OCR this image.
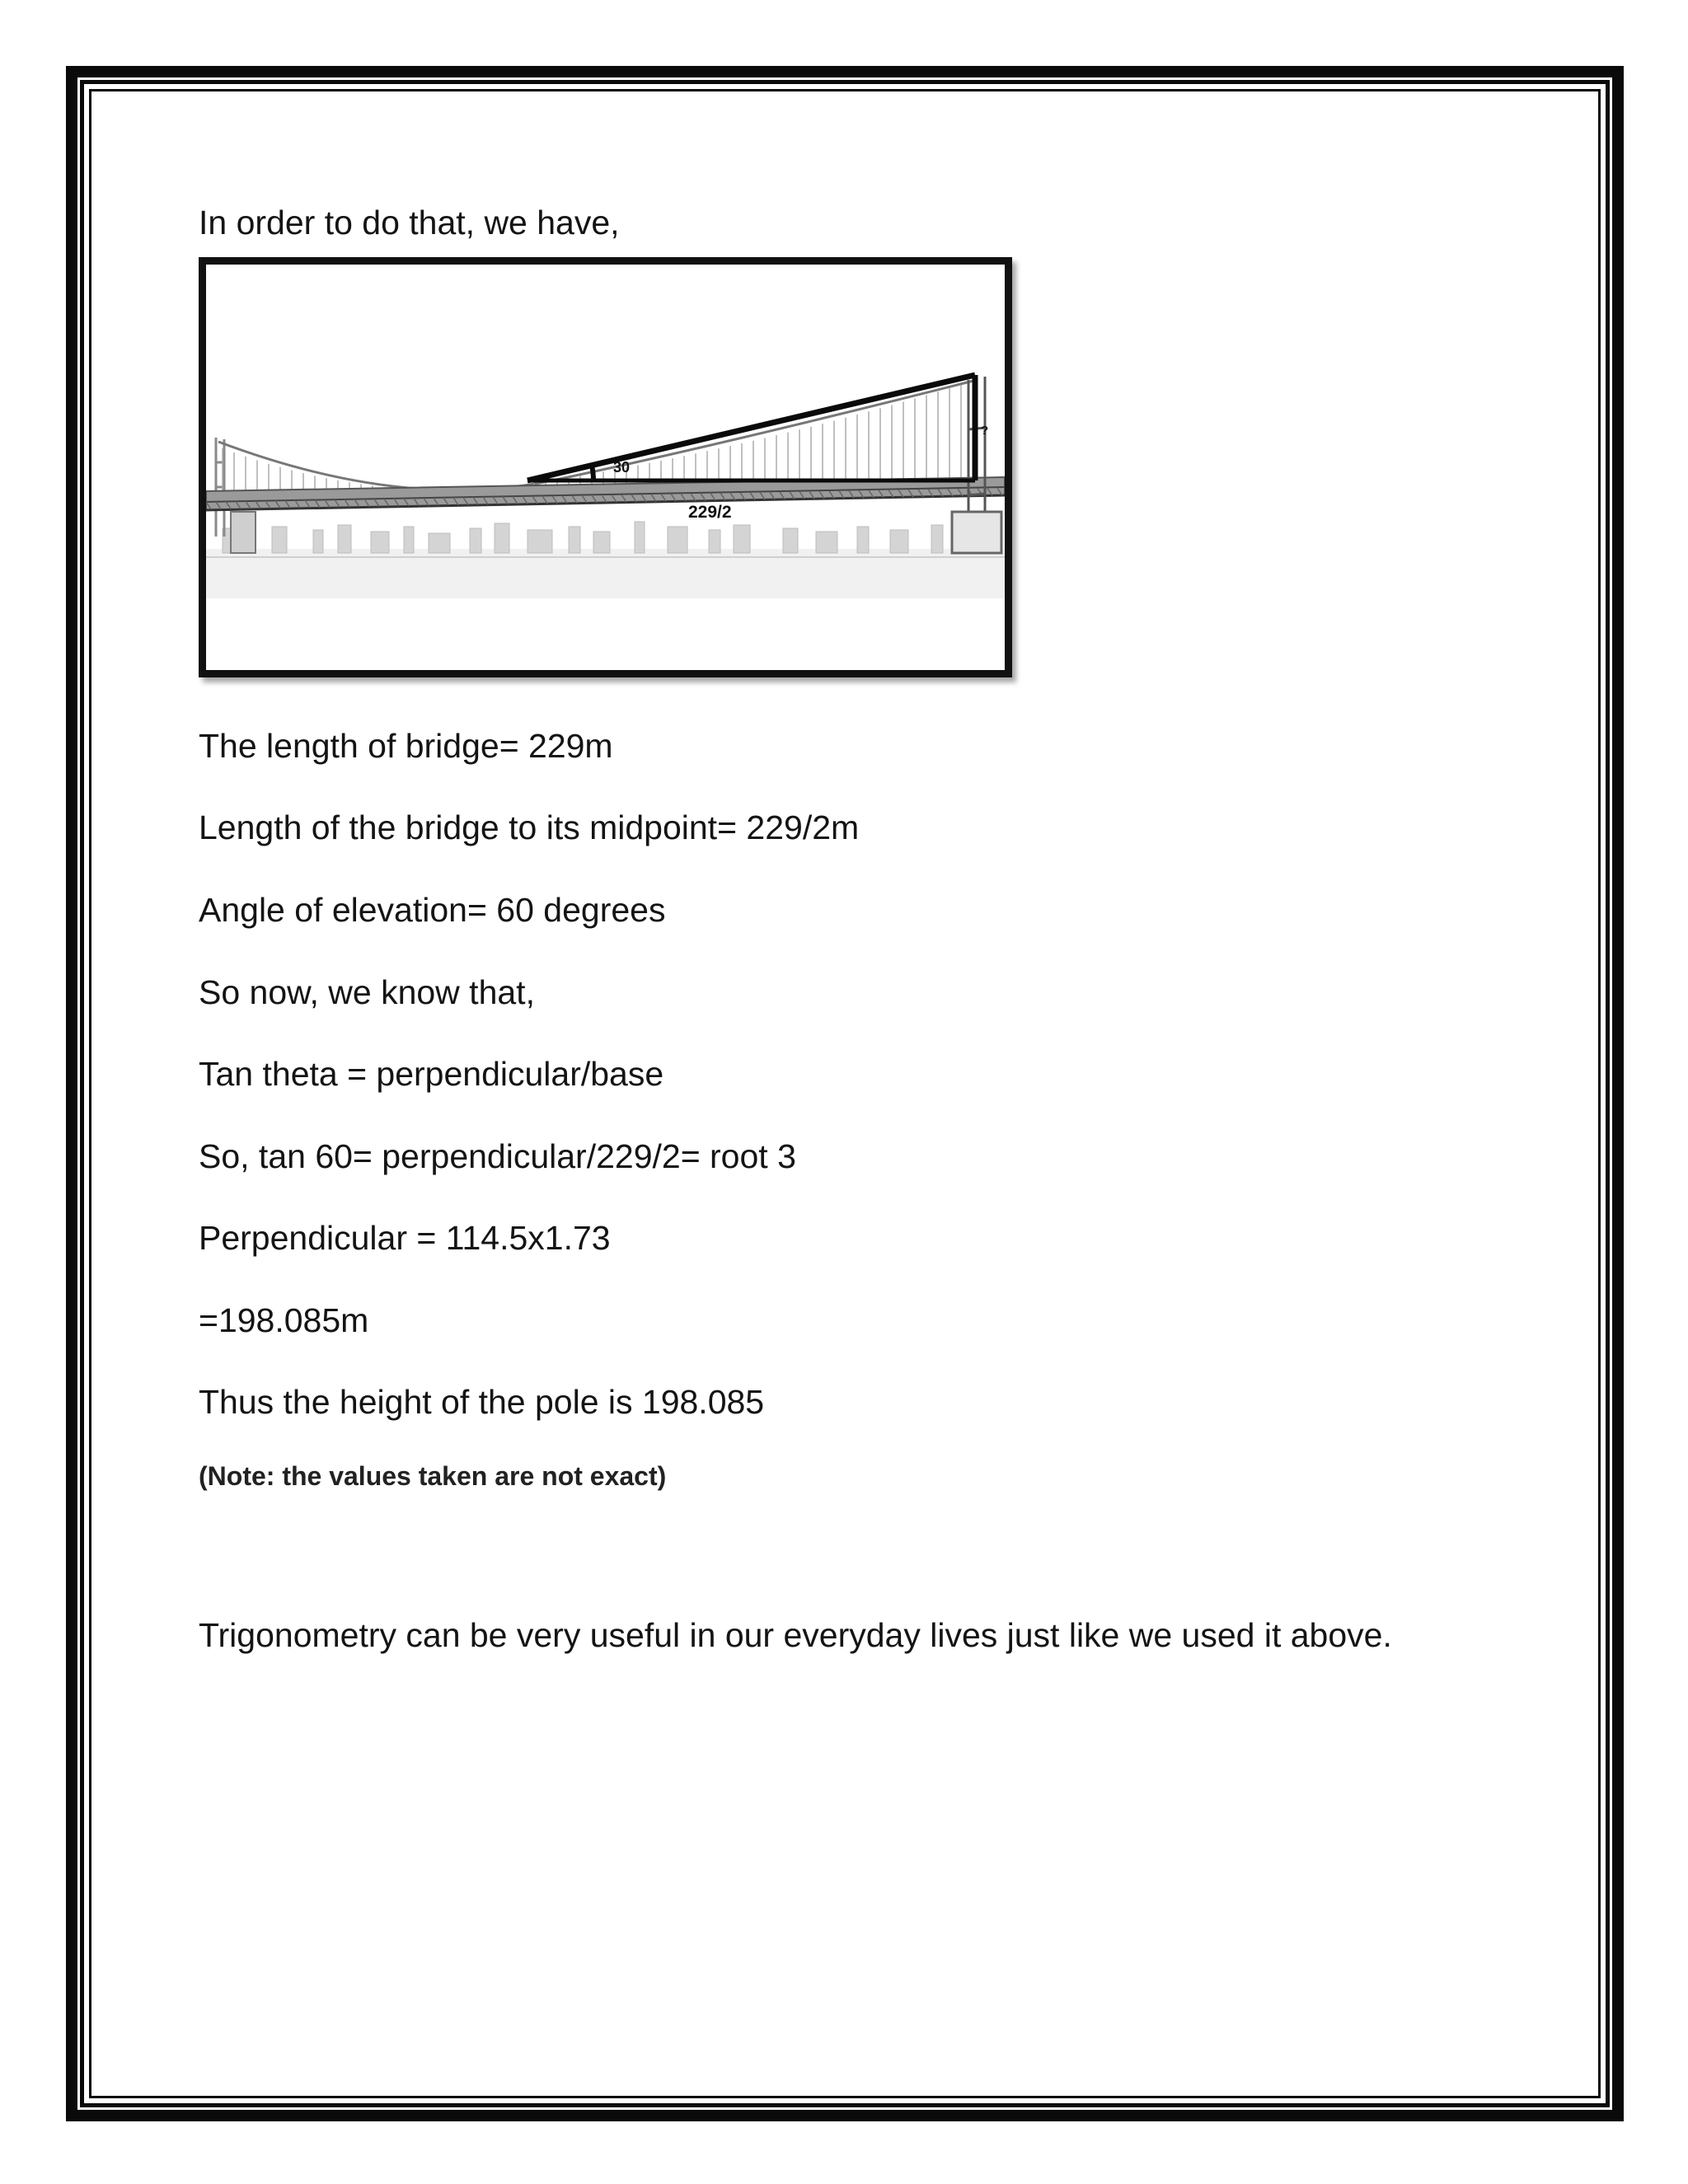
In order to do that, we have,

30
229/2
?

The length of bridge= 229m

Length of the bridge to its midpoint= 229/2m

Angle of elevation= 60 degrees

So now, we know that,

Tan theta = perpendicular/base

So, tan 60= perpendicular/229/2= root 3

Perpendicular = 114.5x1.73

=198.085m

Thus the height of the pole is 198.085

(Note: the values taken are not exact)

Trigonometry can be very useful in our everyday lives just like we used it above.
